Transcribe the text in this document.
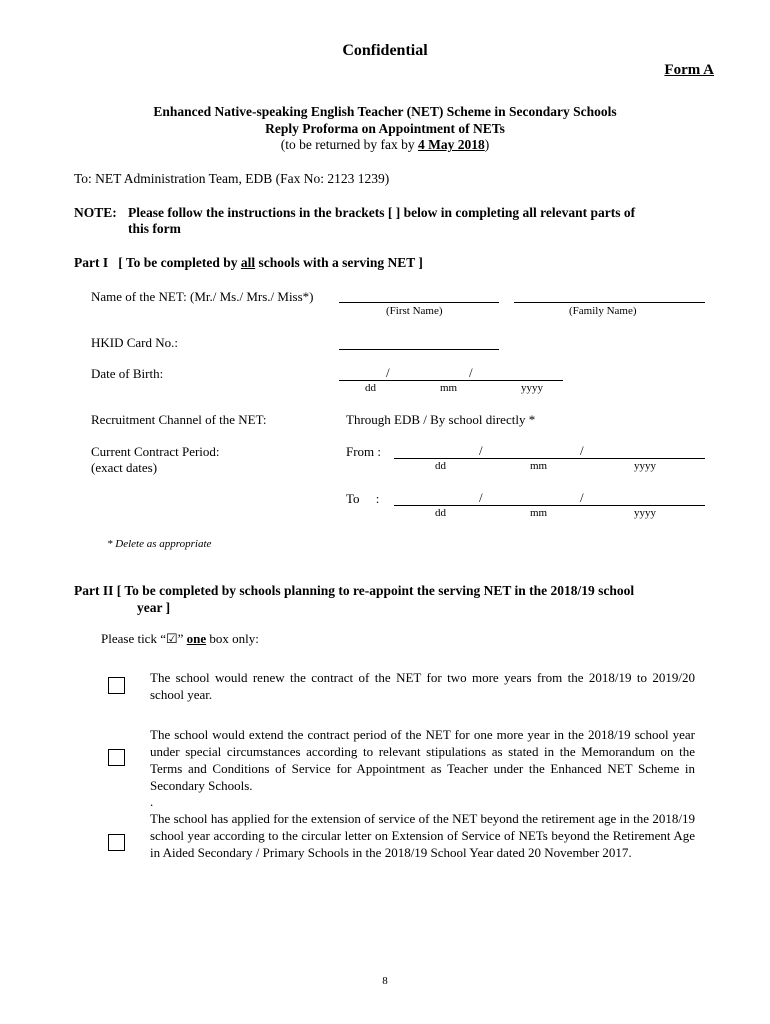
Confidential
Form A
Enhanced Native-speaking English Teacher (NET) Scheme in Secondary Schools
Reply Proforma on Appointment of NETs
(to be returned by fax by 4 May 2018)
To: NET Administration Team, EDB (Fax No: 2123 1239)
NOTE: Please follow the instructions in the brackets [ ] below in completing all relevant parts of
this form
Part I   [ To be completed by all schools with a serving NET ]
Name of the NET: (Mr./ Ms./ Mrs./ Miss*)
(First Name)	(Family Name)
HKID Card No.:
Date of Birth:	/	/
dd	mm	yyyy
Recruitment Channel of the NET:	Through EDB / By school directly *
Current Contract Period:
(exact dates)
From :	/	/
dd	mm	yyyy
To     :	/	/
dd	mm	yyyy
* Delete as appropriate
Part II [ To be completed by schools planning to re-appoint the serving NET in the 2018/19 school
year ]
Please tick “☑” one box only:
The school would renew the contract of the NET for two more years from the 2018/19 to 2019/20 school year.
The school would extend the contract period of the NET for one more year in the 2018/19 school year under special circumstances according to relevant stipulations as stated in the Memorandum on the Terms and Conditions of Service for Appointment as Teacher under the Enhanced NET Scheme in Secondary Schools.
.
The school has applied for the extension of service of the NET beyond the retirement age in the 2018/19 school year according to the circular letter on Extension of Service of NETs beyond the Retirement Age in Aided Secondary / Primary Schools in the 2018/19 School Year dated 20 November 2017.
8
